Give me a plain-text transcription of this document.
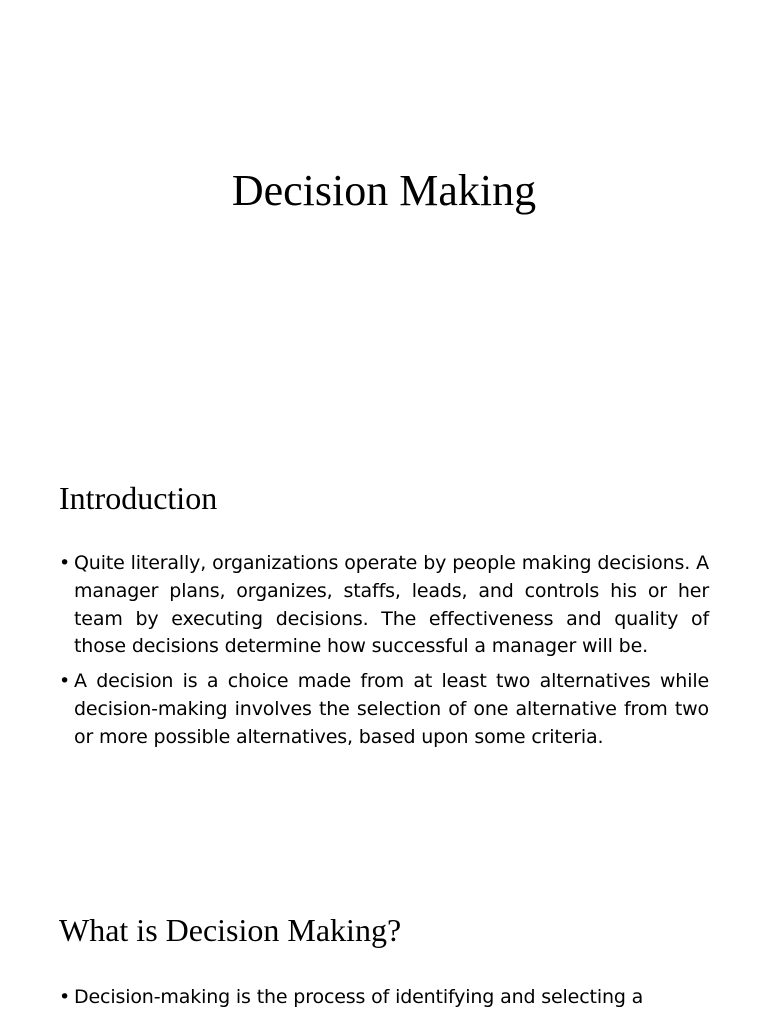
Decision Making
Introduction
• Quite literally, organizations operate by people making decisions. A manager plans, organizes, staffs, leads, and controls his or her team by executing decisions. The effectiveness and quality of those decisions determine how successful a manager will be.
• A decision is a choice made from at least two alternatives while decision-making involves the selection of one alternative from two or more possible alternatives, based upon some criteria.
What is Decision Making?
• Decision-making is the process of identifying and selecting a
